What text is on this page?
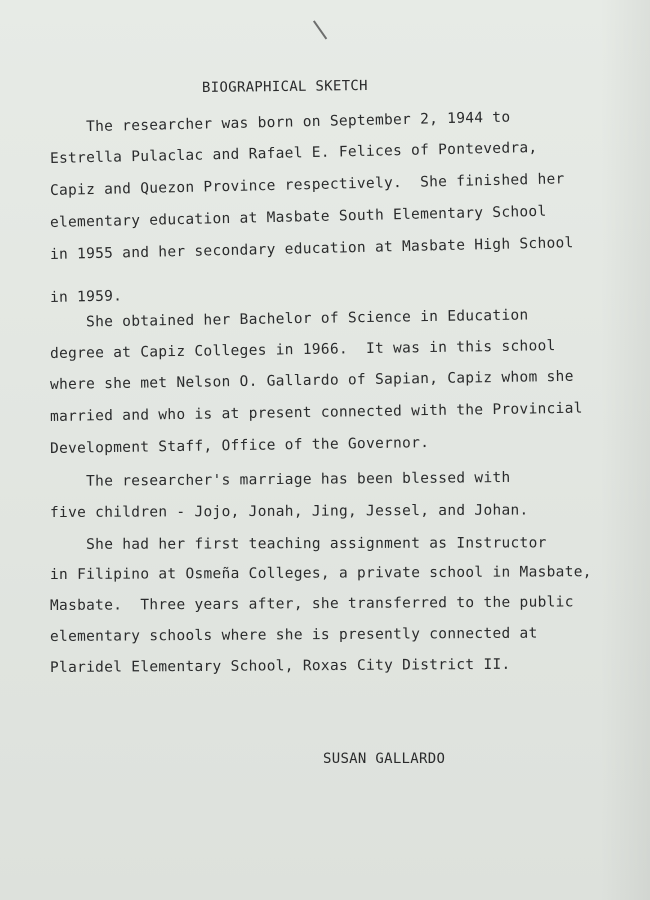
BIOGRAPHICAL SKETCH
The researcher was born on September 2, 1944 to
Estrella Pulaclac and Rafael E. Felices of Pontevedra,
Capiz and Quezon Province respectively.  She finished her
elementary education at Masbate South Elementary School
in 1955 and her secondary education at Masbate High School
in 1959.
She obtained her Bachelor of Science in Education
degree at Capiz Colleges in 1966.  It was in this school
where she met Nelson O. Gallardo of Sapian, Capiz whom she
married and who is at present connected with the Provincial
Development Staff, Office of the Governor.
The researcher's marriage has been blessed with
five children - Jojo, Jonah, Jing, Jessel, and Johan.
She had her first teaching assignment as Instructor
in Filipino at Osmeña Colleges, a private school in Masbate,
Masbate.  Three years after, she transferred to the public
elementary schools where she is presently connected at
Plaridel Elementary School, Roxas City District II.
SUSAN GALLARDO
